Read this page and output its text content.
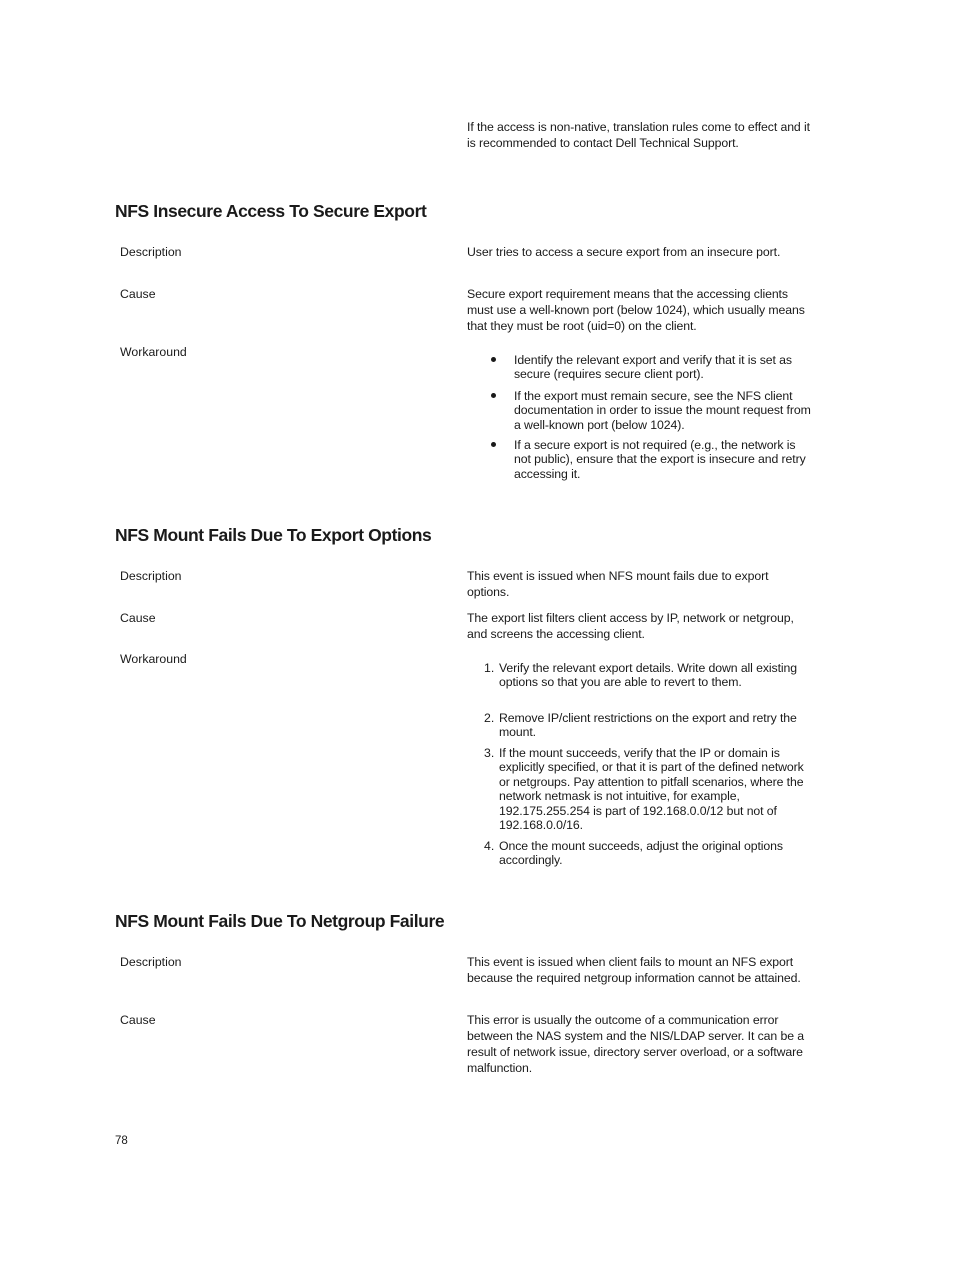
If the access is non-native, translation rules come to effect and it is recommended to contact Dell Technical Support.
NFS Insecure Access To Secure Export
Description	User tries to access a secure export from an insecure port.
Cause	Secure export requirement means that the accessing clients must use a well-known port (below 1024), which usually means that they must be root (uid=0) on the client.
Workaround
Identify the relevant export and verify that it is set as secure (requires secure client port).
If the export must remain secure, see the NFS client documentation in order to issue the mount request from a well-known port (below 1024).
If a secure export is not required (e.g., the network is not public), ensure that the export is insecure and retry accessing it.
NFS Mount Fails Due To Export Options
Description	This event is issued when NFS mount fails due to export options.
Cause	The export list filters client access by IP, network or netgroup, and screens the accessing client.
Workaround
1. Verify the relevant export details. Write down all existing options so that you are able to revert to them.
2. Remove IP/client restrictions on the export and retry the mount.
3. If the mount succeeds, verify that the IP or domain is explicitly specified, or that it is part of the defined network or netgroups. Pay attention to pitfall scenarios, where the network netmask is not intuitive, for example, 192.175.255.254 is part of 192.168.0.0/12 but not of 192.168.0.0/16.
4. Once the mount succeeds, adjust the original options accordingly.
NFS Mount Fails Due To Netgroup Failure
Description	This event is issued when client fails to mount an NFS export because the required netgroup information cannot be attained.
Cause	This error is usually the outcome of a communication error between the NAS system and the NIS/LDAP server. It can be a result of network issue, directory server overload, or a software malfunction.
78
